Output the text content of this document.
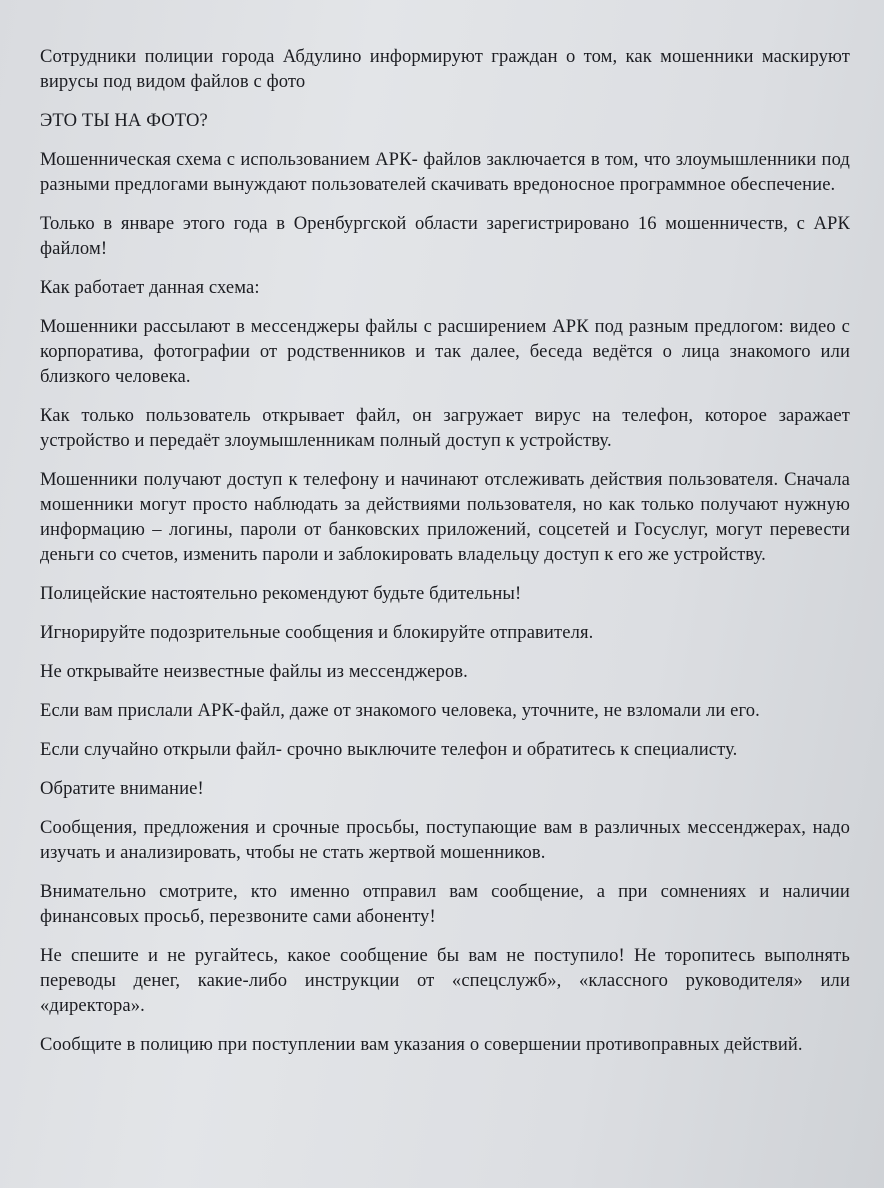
Сотрудники полиции города Абдулино информируют граждан о том, как мошенники маскируют вирусы под видом файлов с фото

ЭТО ТЫ НА ФОТО?

Мошенническая схема с использованием АРК- файлов заключается в том, что злоумышленники под разными предлогами вынуждают пользователей скачивать вредоносное программное обеспечение.

Только в январе этого года в Оренбургской области зарегистрировано 16 мошенничеств, с АРК файлом!

Как работает данная схема:

Мошенники рассылают в мессенджеры файлы с расширением АРК под разным предлогом: видео с корпоратива, фотографии от родственников и так далее, беседа ведётся о лица знакомого или близкого человека.

Как только пользователь открывает файл, он загружает вирус на телефон, которое заражает устройство и передаёт злоумышленникам полный доступ к устройству.

Мошенники получают доступ к телефону и начинают отслеживать действия пользователя. Сначала мошенники могут просто наблюдать за действиями пользователя, но как только получают нужную информацию – логины, пароли от банковских приложений, соцсетей и Госуслуг, могут перевести деньги со счетов, изменить пароли и заблокировать владельцу доступ к его же устройству.

Полицейские настоятельно рекомендуют будьте бдительны!

Игнорируйте подозрительные сообщения и блокируйте отправителя.

Не открывайте неизвестные файлы из мессенджеров.

Если вам прислали АРК-файл, даже от знакомого человека, уточните, не взломали ли его.

Если случайно открыли файл- срочно выключите телефон и обратитесь к специалисту.

Обратите внимание!

Сообщения, предложения и срочные просьбы, поступающие вам в различных мессенджерах, надо изучать и анализировать, чтобы не стать жертвой мошенников.

Внимательно смотрите, кто именно отправил вам сообщение, а при сомнениях и наличии финансовых просьб, перезвоните сами абоненту!

Не спешите и не ругайтесь, какое сообщение бы вам не поступило! Не торопитесь выполнять переводы денег, какие-либо инструкции от «спецслужб», «классного руководителя» или «директора».

Сообщите в полицию при поступлении вам указания о совершении противоправных действий.
